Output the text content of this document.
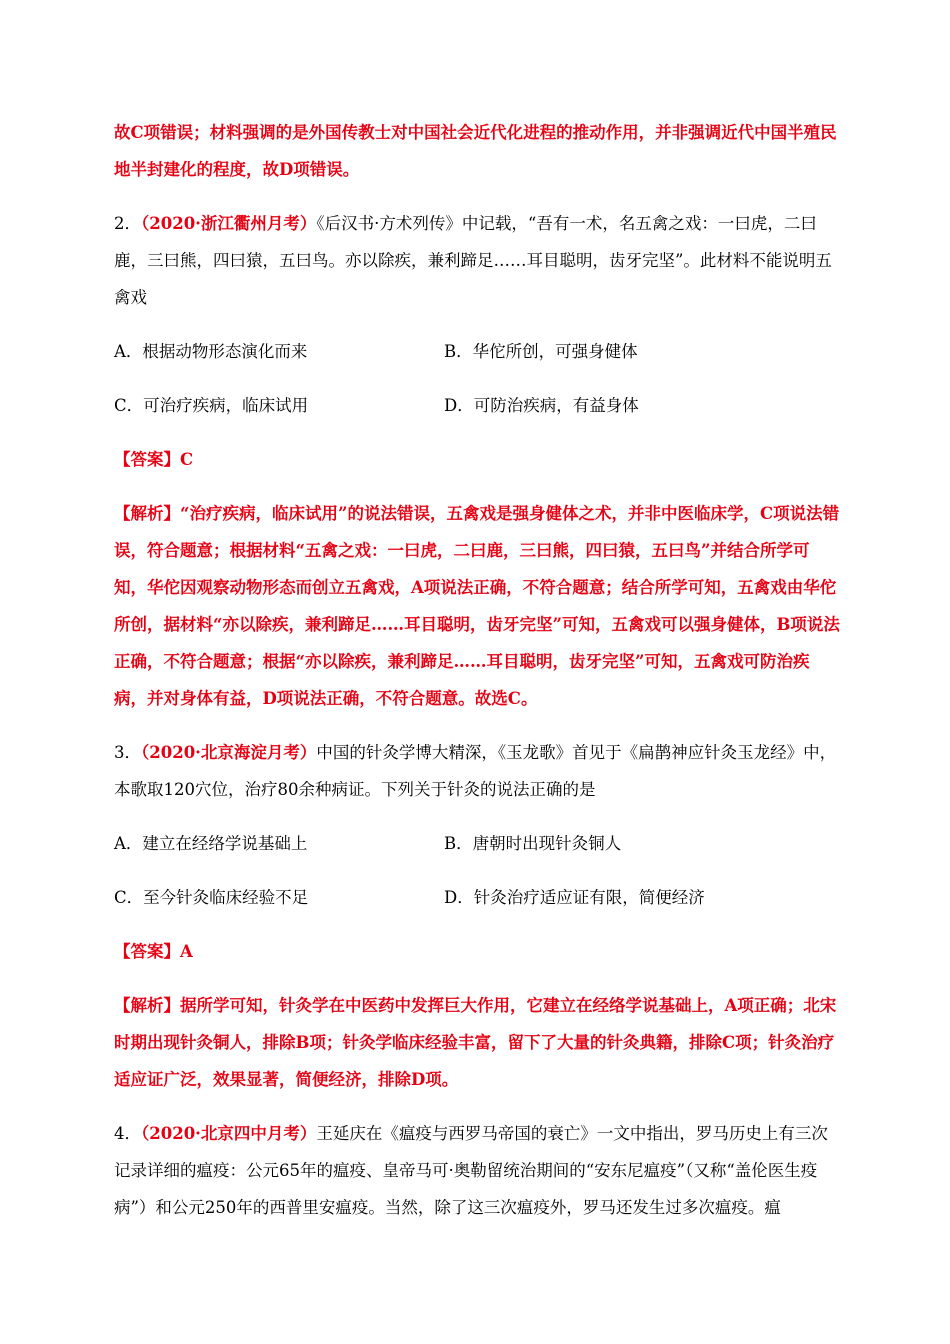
故C项错误；材料强调的是外国传教士对中国社会近代化进程的推动作用，并非强调近代中国半殖民地半封建化的程度，故D项错误。

2．（2020·浙江衢州月考）《后汉书·方术列传》中记载，“吾有一术，名五禽之戏：一曰虎，二曰鹿，三曰熊，四曰猿，五曰鸟。亦以除疾，兼利蹄足……耳目聪明，齿牙完坚”。此材料不能说明五禽戏

A．根据动物形态演化而来	B．华佗所创，可强身健体
C．可治疗疾病，临床试用	D．可防治疾病，有益身体

【答案】C

【解析】“治疗疾病，临床试用”的说法错误，五禽戏是强身健体之术，并非中医临床学，C项说法错误，符合题意；根据材料“五禽之戏：一曰虎，二曰鹿，三曰熊，四曰猿，五曰鸟”并结合所学可知，华佗因观察动物形态而创立五禽戏，A项说法正确，不符合题意；结合所学可知，五禽戏由华佗所创，据材料“亦以除疾，兼利蹄足……耳目聪明，齿牙完坚”可知，五禽戏可以强身健体，B项说法正确，不符合题意；根据“亦以除疾，兼利蹄足……耳目聪明，齿牙完坚”可知，五禽戏可防治疾病，并对身体有益，D项说法正确，不符合题意。故选C。

3．（2020·北京海淀月考）中国的针灸学博大精深，《玉龙歌》首见于《扁鹊神应针灸玉龙经》中，本歌取120穴位，治疗80余种病证。下列关于针灸的说法正确的是

A．建立在经络学说基础上	B．唐朝时出现针灸铜人
C．至今针灸临床经验不足	D．针灸治疗适应证有限，简便经济

【答案】A

【解析】据所学可知，针灸学在中医药中发挥巨大作用，它建立在经络学说基础上，A项正确；北宋时期出现针灸铜人，排除B项；针灸学临床经验丰富，留下了大量的针灸典籍，排除C项；针灸治疗适应证广泛，效果显著，简便经济，排除D项。

4．（2020·北京四中月考）王延庆在《瘟疫与西罗马帝国的衰亡》一文中指出，罗马历史上有三次记录详细的瘟疫：公元65年的瘟疫、皇帝马可·奥勒留统治期间的“安东尼瘟疫”（又称“盖伦医生疫病”）和公元250年的西普里安瘟疫。当然，除了这三次瘟疫外，罗马还发生过多次瘟疫。瘟
